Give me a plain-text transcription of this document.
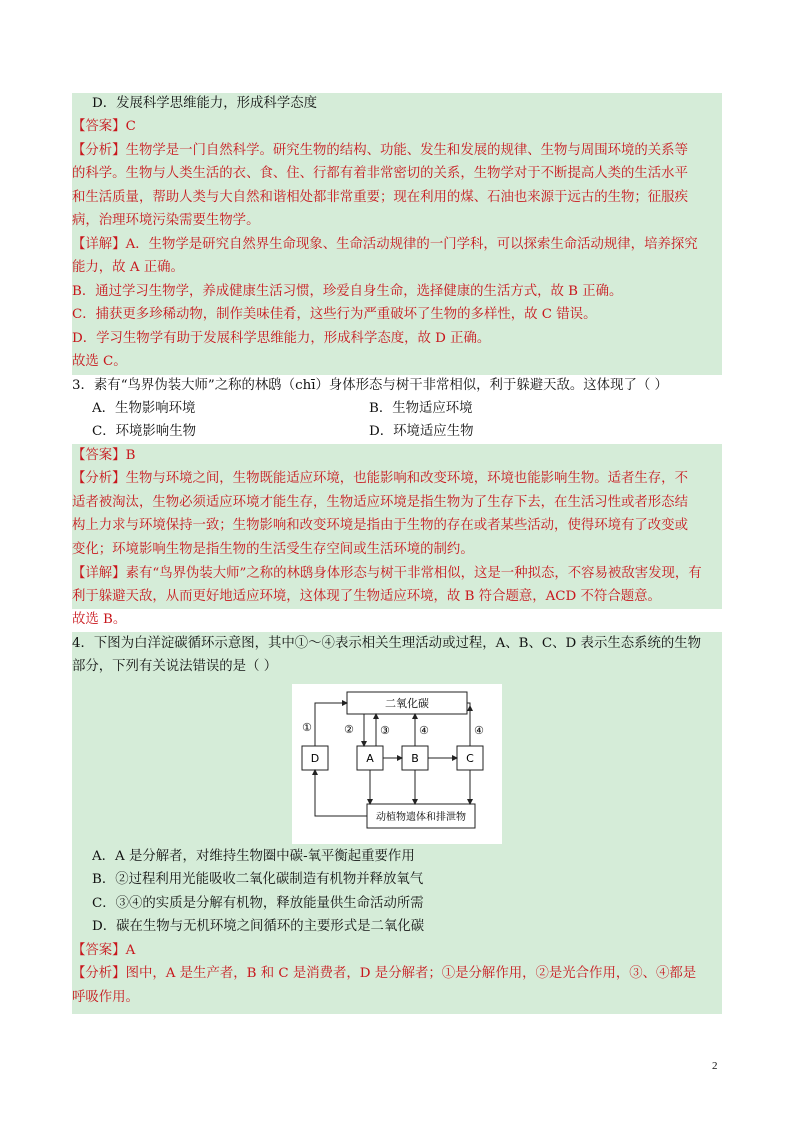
D．发展科学思维能力，形成科学态度
【答案】C
【分析】生物学是一门自然科学。研究生物的结构、功能、发生和发展的规律、生物与周围环境的关系等
的科学。生物与人类生活的衣、食、住、行都有着非常密切的关系，生物学对于不断提高人类的生活水平
和生活质量，帮助人类与大自然和谐相处都非常重要；现在利用的煤、石油也来源于远古的生物；征服疾
病，治理环境污染需要生物学。
【详解】A．生物学是研究自然界生命现象、生命活动规律的一门学科，可以探索生命活动规律，培养探究
能力，故 A 正确。
B．通过学习生物学，养成健康生活习惯，珍爱自身生命，选择健康的生活方式，故 B 正确。
C．捕获更多珍稀动物，制作美味佳肴，这些行为严重破坏了生物的多样性，故 C 错误。
D．学习生物学有助于发展科学思维能力，形成科学态度，故 D 正确。
故选 C。
3．素有“鸟界伪装大师”之称的林鸱（chī）身体形态与树干非常相似，利于躲避天敌。这体现了（ ）
A．生物影响环境	B．生物适应环境
C．环境影响生物	D．环境适应生物
【答案】B
【分析】生物与环境之间，生物既能适应环境，也能影响和改变环境，环境也能影响生物。适者生存，不
适者被淘汰，生物必须适应环境才能生存，生物适应环境是指生物为了生存下去，在生活习性或者形态结
构上力求与环境保持一致；生物影响和改变环境是指由于生物的存在或者某些活动，使得环境有了改变或
变化；环境影响生物是指生物的生活受生存空间或生活环境的制约。
【详解】素有“鸟界伪装大师”之称的林鸱身体形态与树干非常相似，这是一种拟态，不容易被敌害发现，有
利于躲避天敌，从而更好地适应环境，这体现了生物适应环境，故 B 符合题意，ACD 不符合题意。
故选 B。
4．下图为白洋淀碳循环示意图，其中①～④表示相关生理活动或过程，A、B、C、D 表示生态系统的生物
部分，下列有关说法错误的是（ ）
二氧化碳
D	A	B	C
动植物遗体和排泄物
①	② ③	④	④
A．A 是分解者，对维持生物圈中碳-氧平衡起重要作用
B．②过程利用光能吸收二氧化碳制造有机物并释放氧气
C．③④的实质是分解有机物，释放能量供生命活动所需
D．碳在生物与无机环境之间循环的主要形式是二氧化碳
【答案】A
【分析】图中，A 是生产者，B 和 C 是消费者，D 是分解者；①是分解作用，②是光合作用，③、④都是
呼吸作用。
2
